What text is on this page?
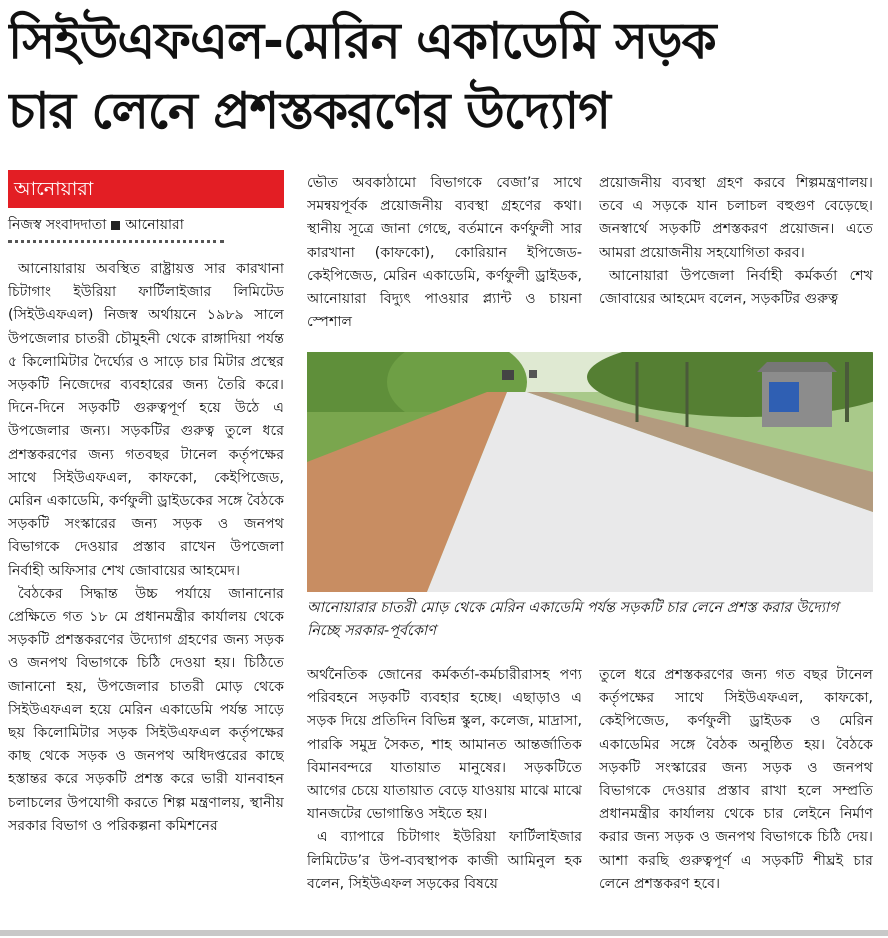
সিইউএফএল-মেরিন একাডেমি সড়ক
চার লেনে প্রশস্তকরণের উদ্যোগ
আনোয়ারা
নিজস্ব সংবাদদাতা আনোয়ারা

আনোয়ারায় অবস্থিত রাষ্ট্রায়ত্ত সার কারখানা চিটাগাং ইউরিয়া ফার্টিলাইজার লিমিটেড (সিইউএফএল) নিজস্ব অর্থায়নে ১৯৮৯ সালে উপজেলার চাতরী চৌমুহনী থেকে রাঙ্গাদিয়া পর্যন্ত ৫ কিলোমিটার দৈর্ঘ্যের ও সাড়ে চার মিটার প্রস্থের সড়কটি নিজেদের ব্যবহারের জন্য তৈরি করে। দিনে-দিনে সড়কটি গুরুত্বপূর্ণ হয়ে উঠে এ উপজেলার জন্য। সড়কটির গুরুত্ব তুলে ধরে প্রশস্তকরণের জন্য গতবছর টানেল কর্তৃপক্ষের সাথে সিইউএফএল, কাফকো, কেইপিজেড, মেরিন একাডেমি, কর্ণফুলী ড্রাইডকের সঙ্গে বৈঠকে সড়কটি সংস্কারের জন্য সড়ক ও জনপথ বিভাগকে দেওয়ার প্রস্তাব রাখেন উপজেলা নির্বাহী অফিসার শেখ জোবায়ের আহমেদ।

বৈঠকের সিদ্ধান্ত উচ্চ পর্যায়ে জানানোর প্রেক্ষিতে গত ১৮ মে প্রধানমন্ত্রীর কার্যালয় থেকে সড়কটি প্রশস্তকরণের উদ্যোগ গ্রহণের জন্য সড়ক ও জনপথ বিভাগকে চিঠি দেওয়া হয়। চিঠিতে জানানো হয়, উপজেলার চাতরী মোড় থেকে সিইউএফএল হয়ে মেরিন একাডেমি পর্যন্ত সাড়ে ছয় কিলোমিটার সড়ক সিইউএফএল কর্তৃপক্ষের কাছ থেকে সড়ক ও জনপথ অধিদপ্তরের কাছে হস্তান্তর করে সড়কটি প্রশস্ত করে ভারী যানবাহন চলাচলের উপযোগী করতে শিল্প মন্ত্রণালয়, স্থানীয় সরকার বিভাগ ও পরিকল্পনা কমিশনের

ভৌত অবকাঠামো বিভাগকে বেজা’র সাথে সমন্বয়পূর্বক প্রয়োজনীয় ব্যবস্থা গ্রহণের কথা। স্থানীয় সূত্রে জানা গেছে, বর্তমানে কর্ণফুলী সার কারখানা (কাফকো), কোরিয়ান ইপিজেড-কেইপিজেড, মেরিন একাডেমি, কর্ণফুলী ড্রাইডক, আনোয়ারা বিদ্যুৎ পাওয়ার প্ল্যান্ট ও চায়না স্পেশাল

প্রয়োজনীয় ব্যবস্থা গ্রহণ করবে শিল্পমন্ত্রণালয়। তবে এ সড়কে যান চলাচল বহুগুণ বেড়েছে। জনস্বার্থে সড়কটি প্রশস্তকরণ প্রয়োজন। এতে আমরা প্রয়োজনীয় সহযোগিতা করব।

আনোয়ারা উপজেলা নির্বাহী কর্মকর্তা শেখ জোবায়ের আহমেদ বলেন, সড়কটির গুরুত্ব

আনোয়ারার চাতরী মোড় থেকে মেরিন একাডেমি পর্যন্ত সড়কটি চার লেনে প্রশস্ত করার উদ্যোগ নিচ্ছে সরকার-পূর্বকোণ

অর্থনৈতিক জোনের কর্মকর্তা-কর্মচারীরাসহ পণ্য পরিবহনে সড়কটি ব্যবহার হচ্ছে। এছাড়াও এ সড়ক দিয়ে প্রতিদিন বিভিন্ন স্কুল, কলেজ, মাদ্রাসা, পারকি সমুদ্র সৈকত, শাহ আমানত আন্তর্জাতিক বিমানবন্দরে যাতায়াত মানুষের। সড়কটিতে আগের চেয়ে যাতায়াত বেড়ে যাওয়ায় মাঝে মাঝে যানজটের ভোগান্তিও সইতে হয়।

এ ব্যাপারে চিটাগাং ইউরিয়া ফার্টিলাইজার লিমিটেড’র উপ-ব্যবস্থাপক কাজী আমিনুল হক বলেন, সিইউএফল সড়কের বিষয়ে

তুলে ধরে প্রশস্তকরণের জন্য গত বছর টানেল কর্তৃপক্ষের সাথে সিইউএফএল, কাফকো, কেইপিজেড, কর্ণফুলী ড্রাইডক ও মেরিন একাডেমির সঙ্গে বৈঠক অনুষ্ঠিত হয়। বৈঠকে সড়কটি সংস্কারের জন্য সড়ক ও জনপথ বিভাগকে দেওয়ার প্রস্তাব রাখা হলে সম্প্রতি প্রধানমন্ত্রীর কার্যালয় থেকে চার লেইনে নির্মাণ করার জন্য সড়ক ও জনপথ বিভাগকে চিঠি দেয়। আশা করছি গুরুত্বপূর্ণ এ সড়কটি শীঘ্রই চার লেনে প্রশস্তকরণ হবে।
